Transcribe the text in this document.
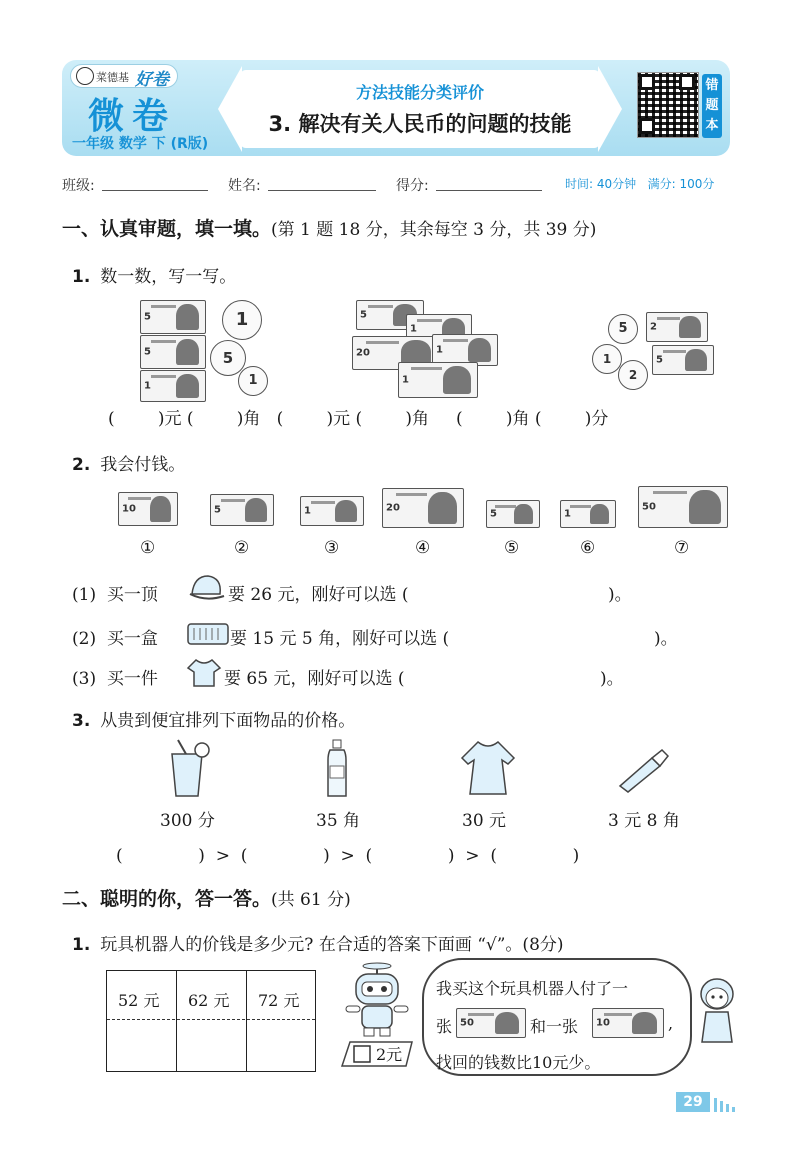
菜德基 好卷
微卷
一年级 数学 下 (R版)
方法技能分类评价
3. 解决有关人民币的问题的技能
错
题
本
班级:	姓名:	得分:	时间: 40分钟 满分: 100分
一、认真审题，填一填。(第 1 题 18 分，其余每空 3 分，共 39 分)
1. 数一数，写一写。
5
5
1
1
5
1
5
1
20	1
1
5	2
1	5
2
(        )元 (        )角   (        )元 (        )角     (        )角 (        )分
2. 我会付钱。
10	5	1	20
5	1
50
①	②	③	④	⑤	⑥	⑦
(1)  买一顶	要 26 元，刚好可以选 (	)。
(2)  买一盒	要 15 元 5 角，刚好可以选 (	)。
(3)  买一件	要 65 元，刚好可以选 (	)。
3. 从贵到便宜排列下面物品的价格。
300 分	35 角	30 元	3 元 8 角
(              )  >  (              )  >  (              )  >  (              )
二、聪明的你，答一答。(共 61 分)
1. 玩具机器人的价钱是多少元? 在合适的答案下面画 “√”。(8分)
52 元 62 元 72 元
2元
我买这个玩具机器人付了一
张 50	和一张 10	,
找回的钱数比10元少。
29
